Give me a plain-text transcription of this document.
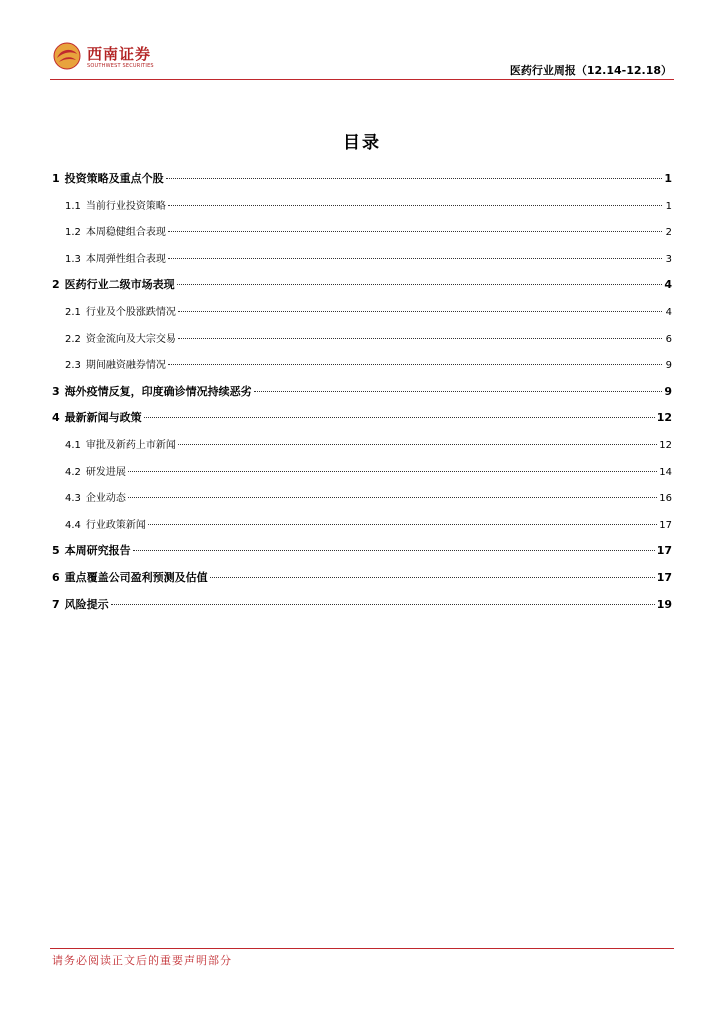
西南证券
SOUTHWEST SECURITIES	医药行业周报（12.14-12.18）
目录
1 投资策略及重点个股	1
1.1 当前行业投资策略	1
1.2 本周稳健组合表现	2
1.3 本周弹性组合表现	3
2 医药行业二级市场表现	4
2.1 行业及个股涨跌情况	4
2.2 资金流向及大宗交易	6
2.3 期间融资融券情况	9
3 海外疫情反复，印度确诊情况持续恶劣	9
4 最新新闻与政策	12
4.1 审批及新药上市新闻	12
4.2 研发进展	14
4.3 企业动态	16
4.4 行业政策新闻	17
5 本周研究报告	17
6 重点覆盖公司盈利预测及估值	17
7 风险提示	19
请务必阅读正文后的重要声明部分
